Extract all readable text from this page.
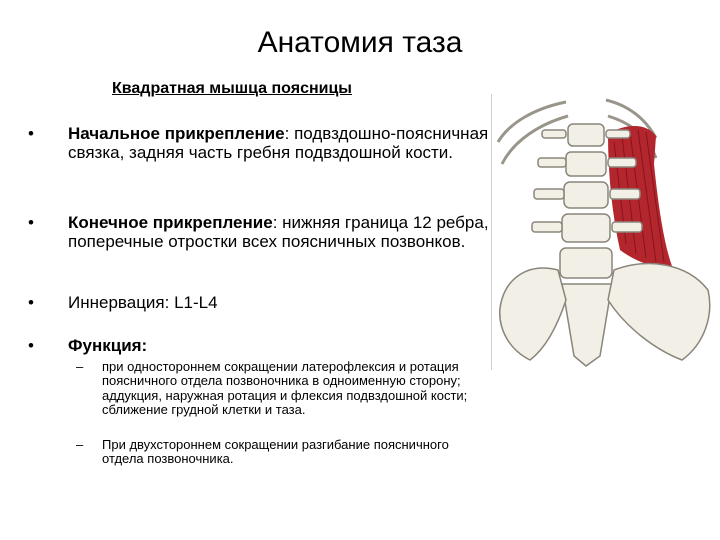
Анатомия таза

Квадратная мышца поясницы

•	Начальное прикрепление: подвздошно-поясничная связка, задняя часть гребня подвздошной кости.
•	Конечное прикрепление: нижняя граница 12 ребра, поперечные отростки всех поясничных позвонков.
•	Иннервация: L1-L4
•	Функция:
– при одностороннем сокращении латерофлексия и ротация поясничного отдела позвоночника в одноименную сторону; аддукция, наружная ротация и флексия подвздошной кости; сближение грудной клетки и таза.
– При двухстороннем сокращении разгибание поясничного отдела позвоночника.
